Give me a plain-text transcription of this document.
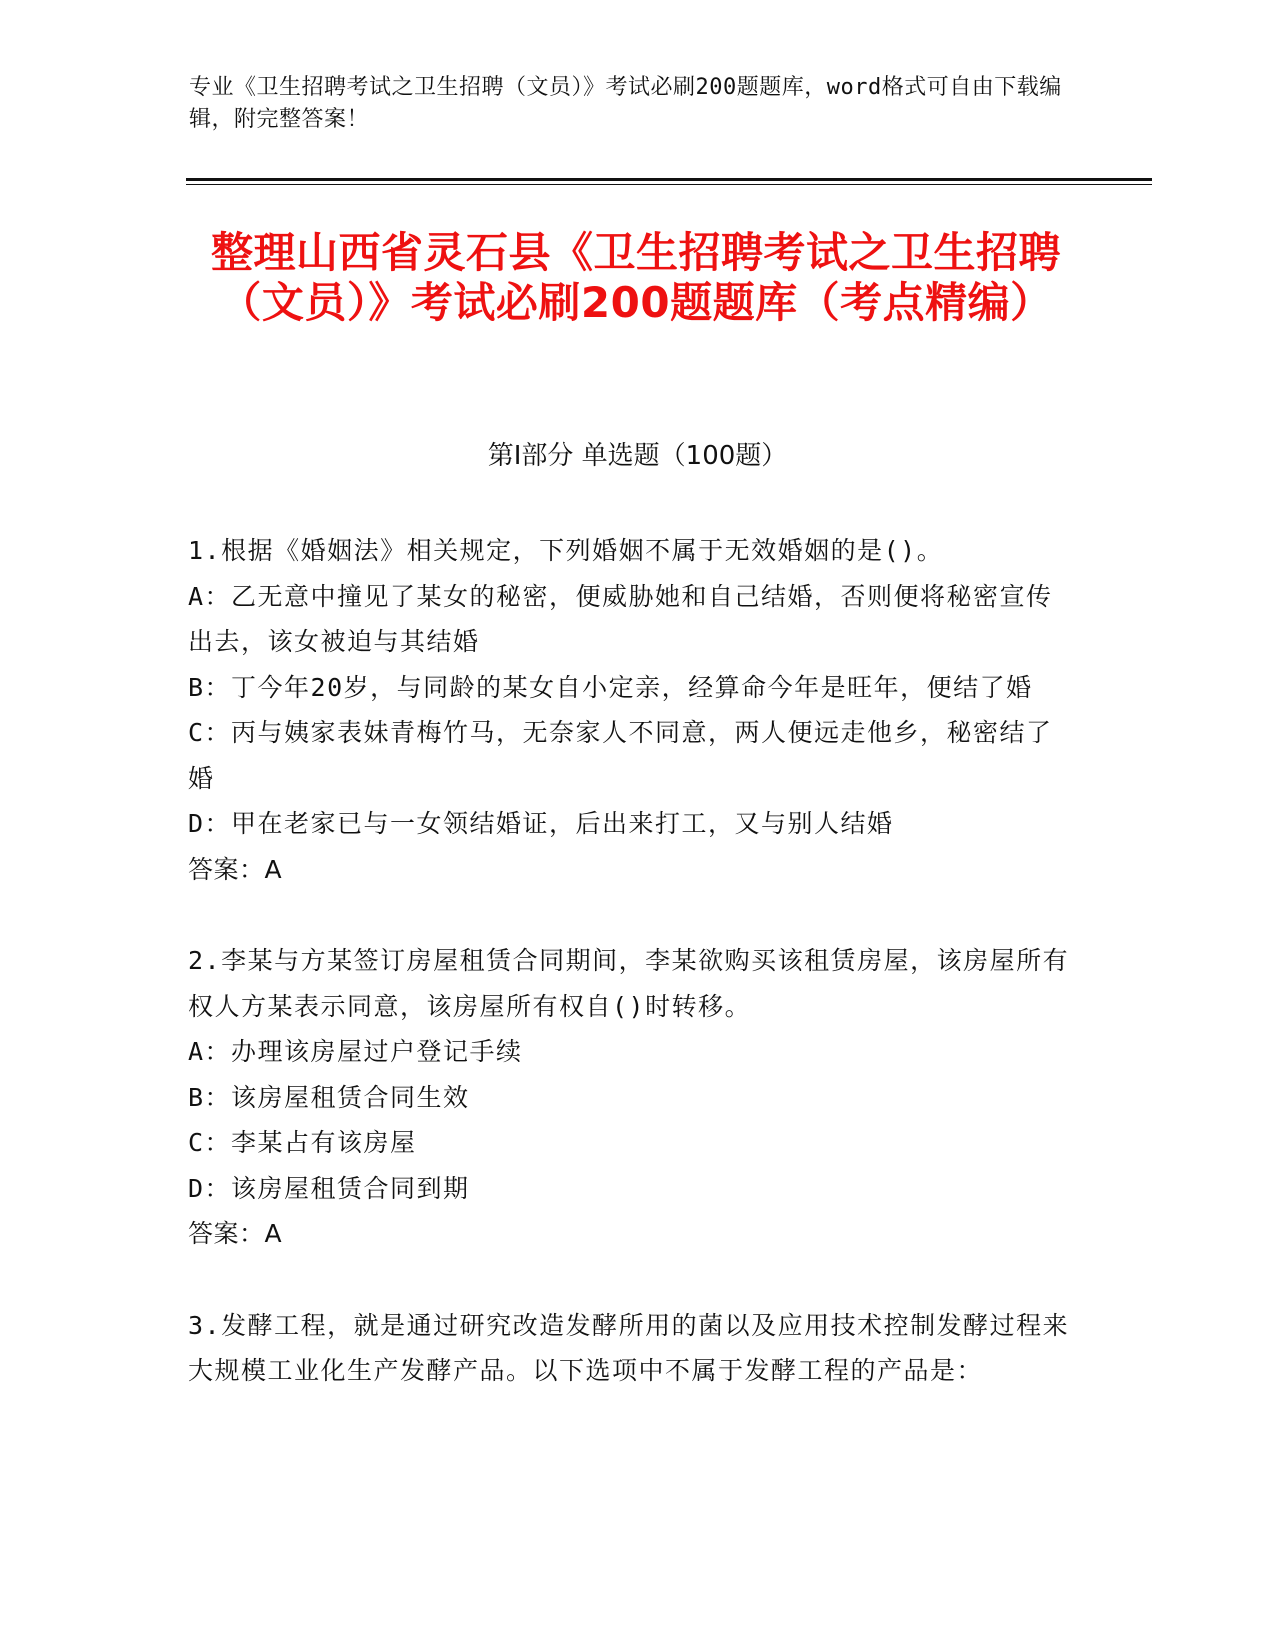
专业《卫生招聘考试之卫生招聘（文员）》考试必刷200题题库，word格式可自由下载编辑，附完整答案！
整理山西省灵石县《卫生招聘考试之卫生招聘（文员）》考试必刷200题题库（考点精编）
第I部分 单选题（100题）

1.根据《婚姻法》相关规定，下列婚姻不属于无效婚姻的是()。

A：乙无意中撞见了某女的秘密，便威胁她和自己结婚，否则便将秘密宣传出去，该女被迫与其结婚

B：丁今年20岁，与同龄的某女自小定亲，经算命今年是旺年，便结了婚

C：丙与姨家表妹青梅竹马，无奈家人不同意，两人便远走他乡，秘密结了婚

D：甲在老家已与一女领结婚证，后出来打工，又与别人结婚

答案：A

2.李某与方某签订房屋租赁合同期间，李某欲购买该租赁房屋，该房屋所有权人方某表示同意，该房屋所有权自()时转移。

A：办理该房屋过户登记手续

B：该房屋租赁合同生效

C：李某占有该房屋

D：该房屋租赁合同到期

答案：A

3.发酵工程，就是通过研究改造发酵所用的菌以及应用技术控制发酵过程来大规模工业化生产发酵产品。以下选项中不属于发酵工程的产品是：
